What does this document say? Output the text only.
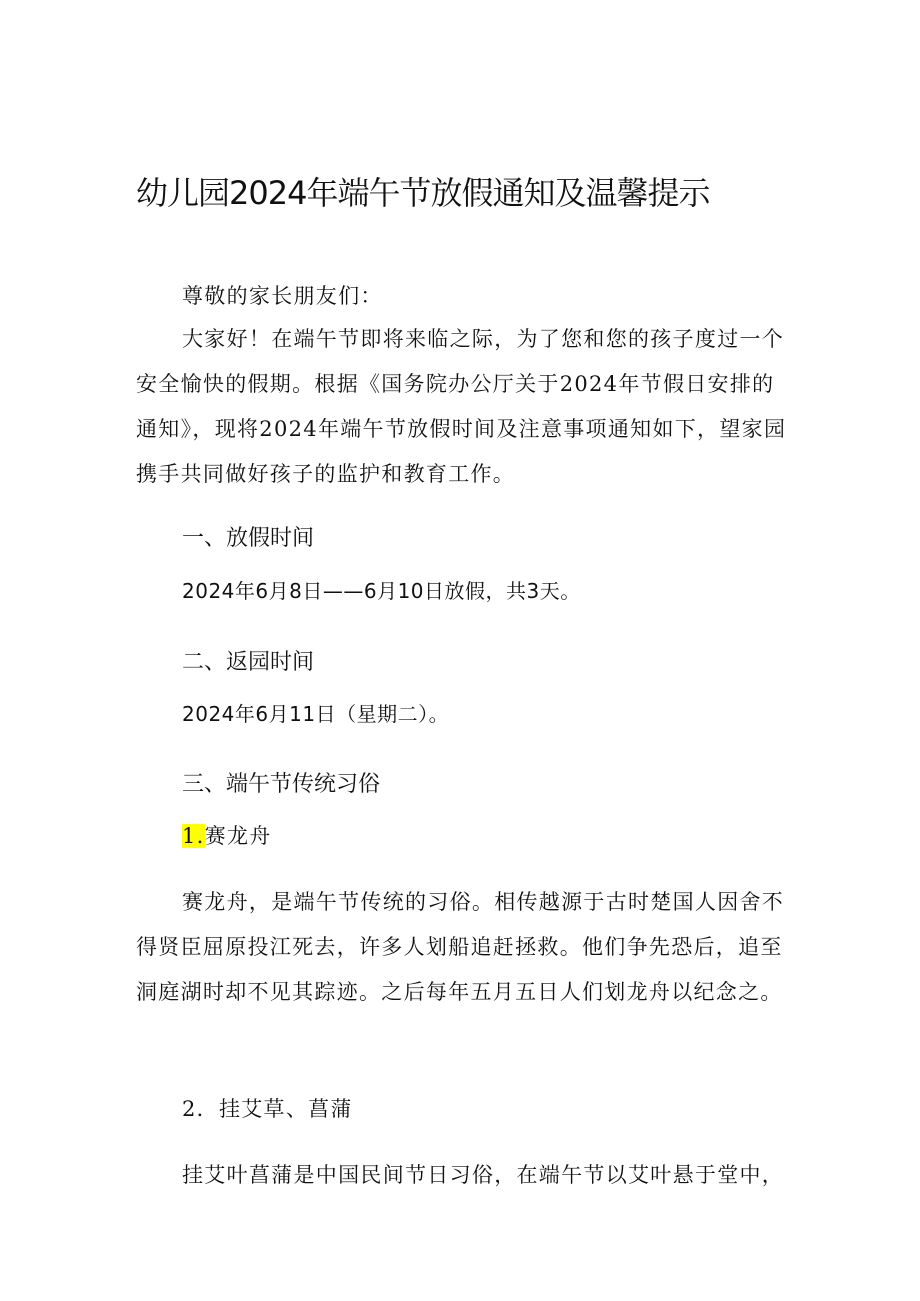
幼儿园2024年端午节放假通知及温馨提示

尊敬的家长朋友们：

大家好！在端午节即将来临之际，为了您和您的孩子度过一个安全愉快的假期。根据《国务院办公厅关于2024年节假日安排的通知》，现将2024年端午节放假时间及注意事项通知如下，望家园携手共同做好孩子的监护和教育工作。

一、放假时间

2024年6月8日——6月10日放假，共3天。

二、返园时间

2024年6月11日（星期二）。

三、端午节传统习俗

1.赛龙舟

赛龙舟，是端午节传统的习俗。相传越源于古时楚国人因舍不得贤臣屈原投江死去，许多人划船追赶拯救。他们争先恐后，追至洞庭湖时却不见其踪迹。之后每年五月五日人们划龙舟以纪念之。

2．挂艾草、菖蒲

挂艾叶菖蒲是中国民间节日习俗，在端午节以艾叶悬于堂中，
